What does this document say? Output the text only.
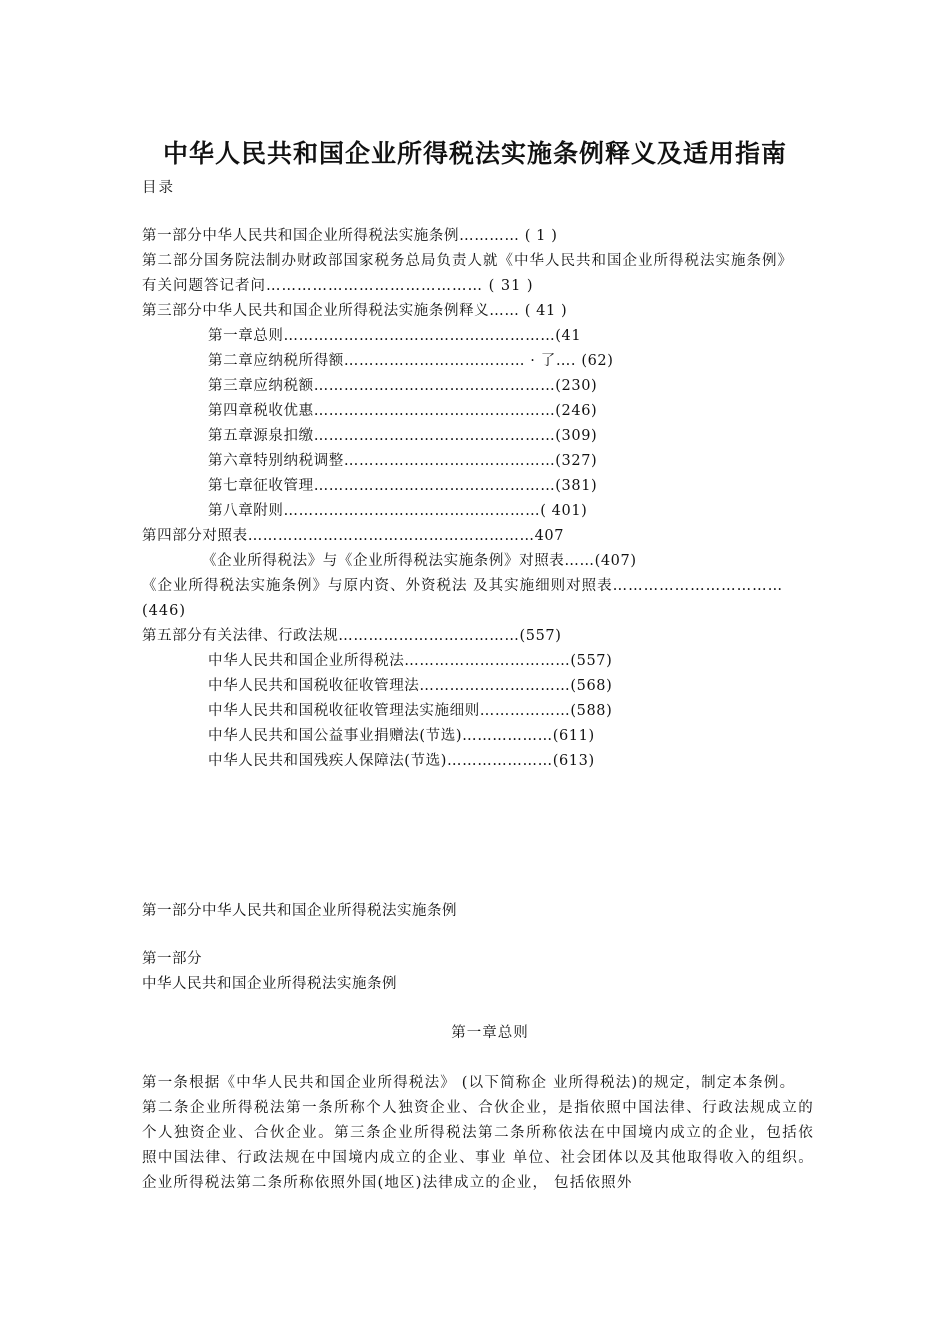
中华人民共和国企业所得税法实施条例释义及适用指南
目录
第一部分中华人民共和国企业所得税法实施条例………… ( 1 )
第二部分国务院法制办财政部国家税务总局负责人就《中华人民共和国企业所得税法实施条例》 有关问题答记者问…………………………………… ( 31 )
第三部分中华人民共和国企业所得税法实施条例释义…… ( 41 )
第一章总则………………………………………………(41
第二章应纳税所得额……………………………… · 了…. (62)
第三章应纳税额…………………………………………(230)
第四章税收优惠…………………………………………(246)
第五章源泉扣缴…………………………………………(309)
第六章特别纳税调整……………………………………(327)
第七章征收管理…………………………………………(381)
第八章附则……………………………………………( 401)
第四部分对照表…………………………………………………407
《企业所得税法》与《企业所得税法实施条例》对照表……(407)
《企业所得税法实施条例》与原内资、外资税法 及其实施细则对照表……………………………(446)
第五部分有关法律、行政法规………………………………(557)
中华人民共和国企业所得税法……………………………(557)
中华人民共和国税收征收管理法…………………………(568)
中华人民共和国税收征收管理法实施细则………………(588)
中华人民共和国公益事业捐赠法(节选)………………(611)
中华人民共和国残疾人保障法(节选)…………………(613)
第一部分中华人民共和国企业所得税法实施条例
第一部分
中华人民共和国企业所得税法实施条例
第一章总则

第一条根据《中华人民共和国企业所得税法》 (以下简称企 业所得税法)的规定，制定本条例。

第二条企业所得税法第一条所称个人独资企业、合伙企业，是指依照中国法律、行政法规成立的个人独资企业、合伙企业。第三条企业所得税法第二条所称依法在中国境内成立的企业，包括依照中国法律、行政法规在中国境内成立的企业、事业 单位、社会团体以及其他取得收入的组织。 企业所得税法第二条所称依照外国(地区)法律成立的企业， 包括依照外
